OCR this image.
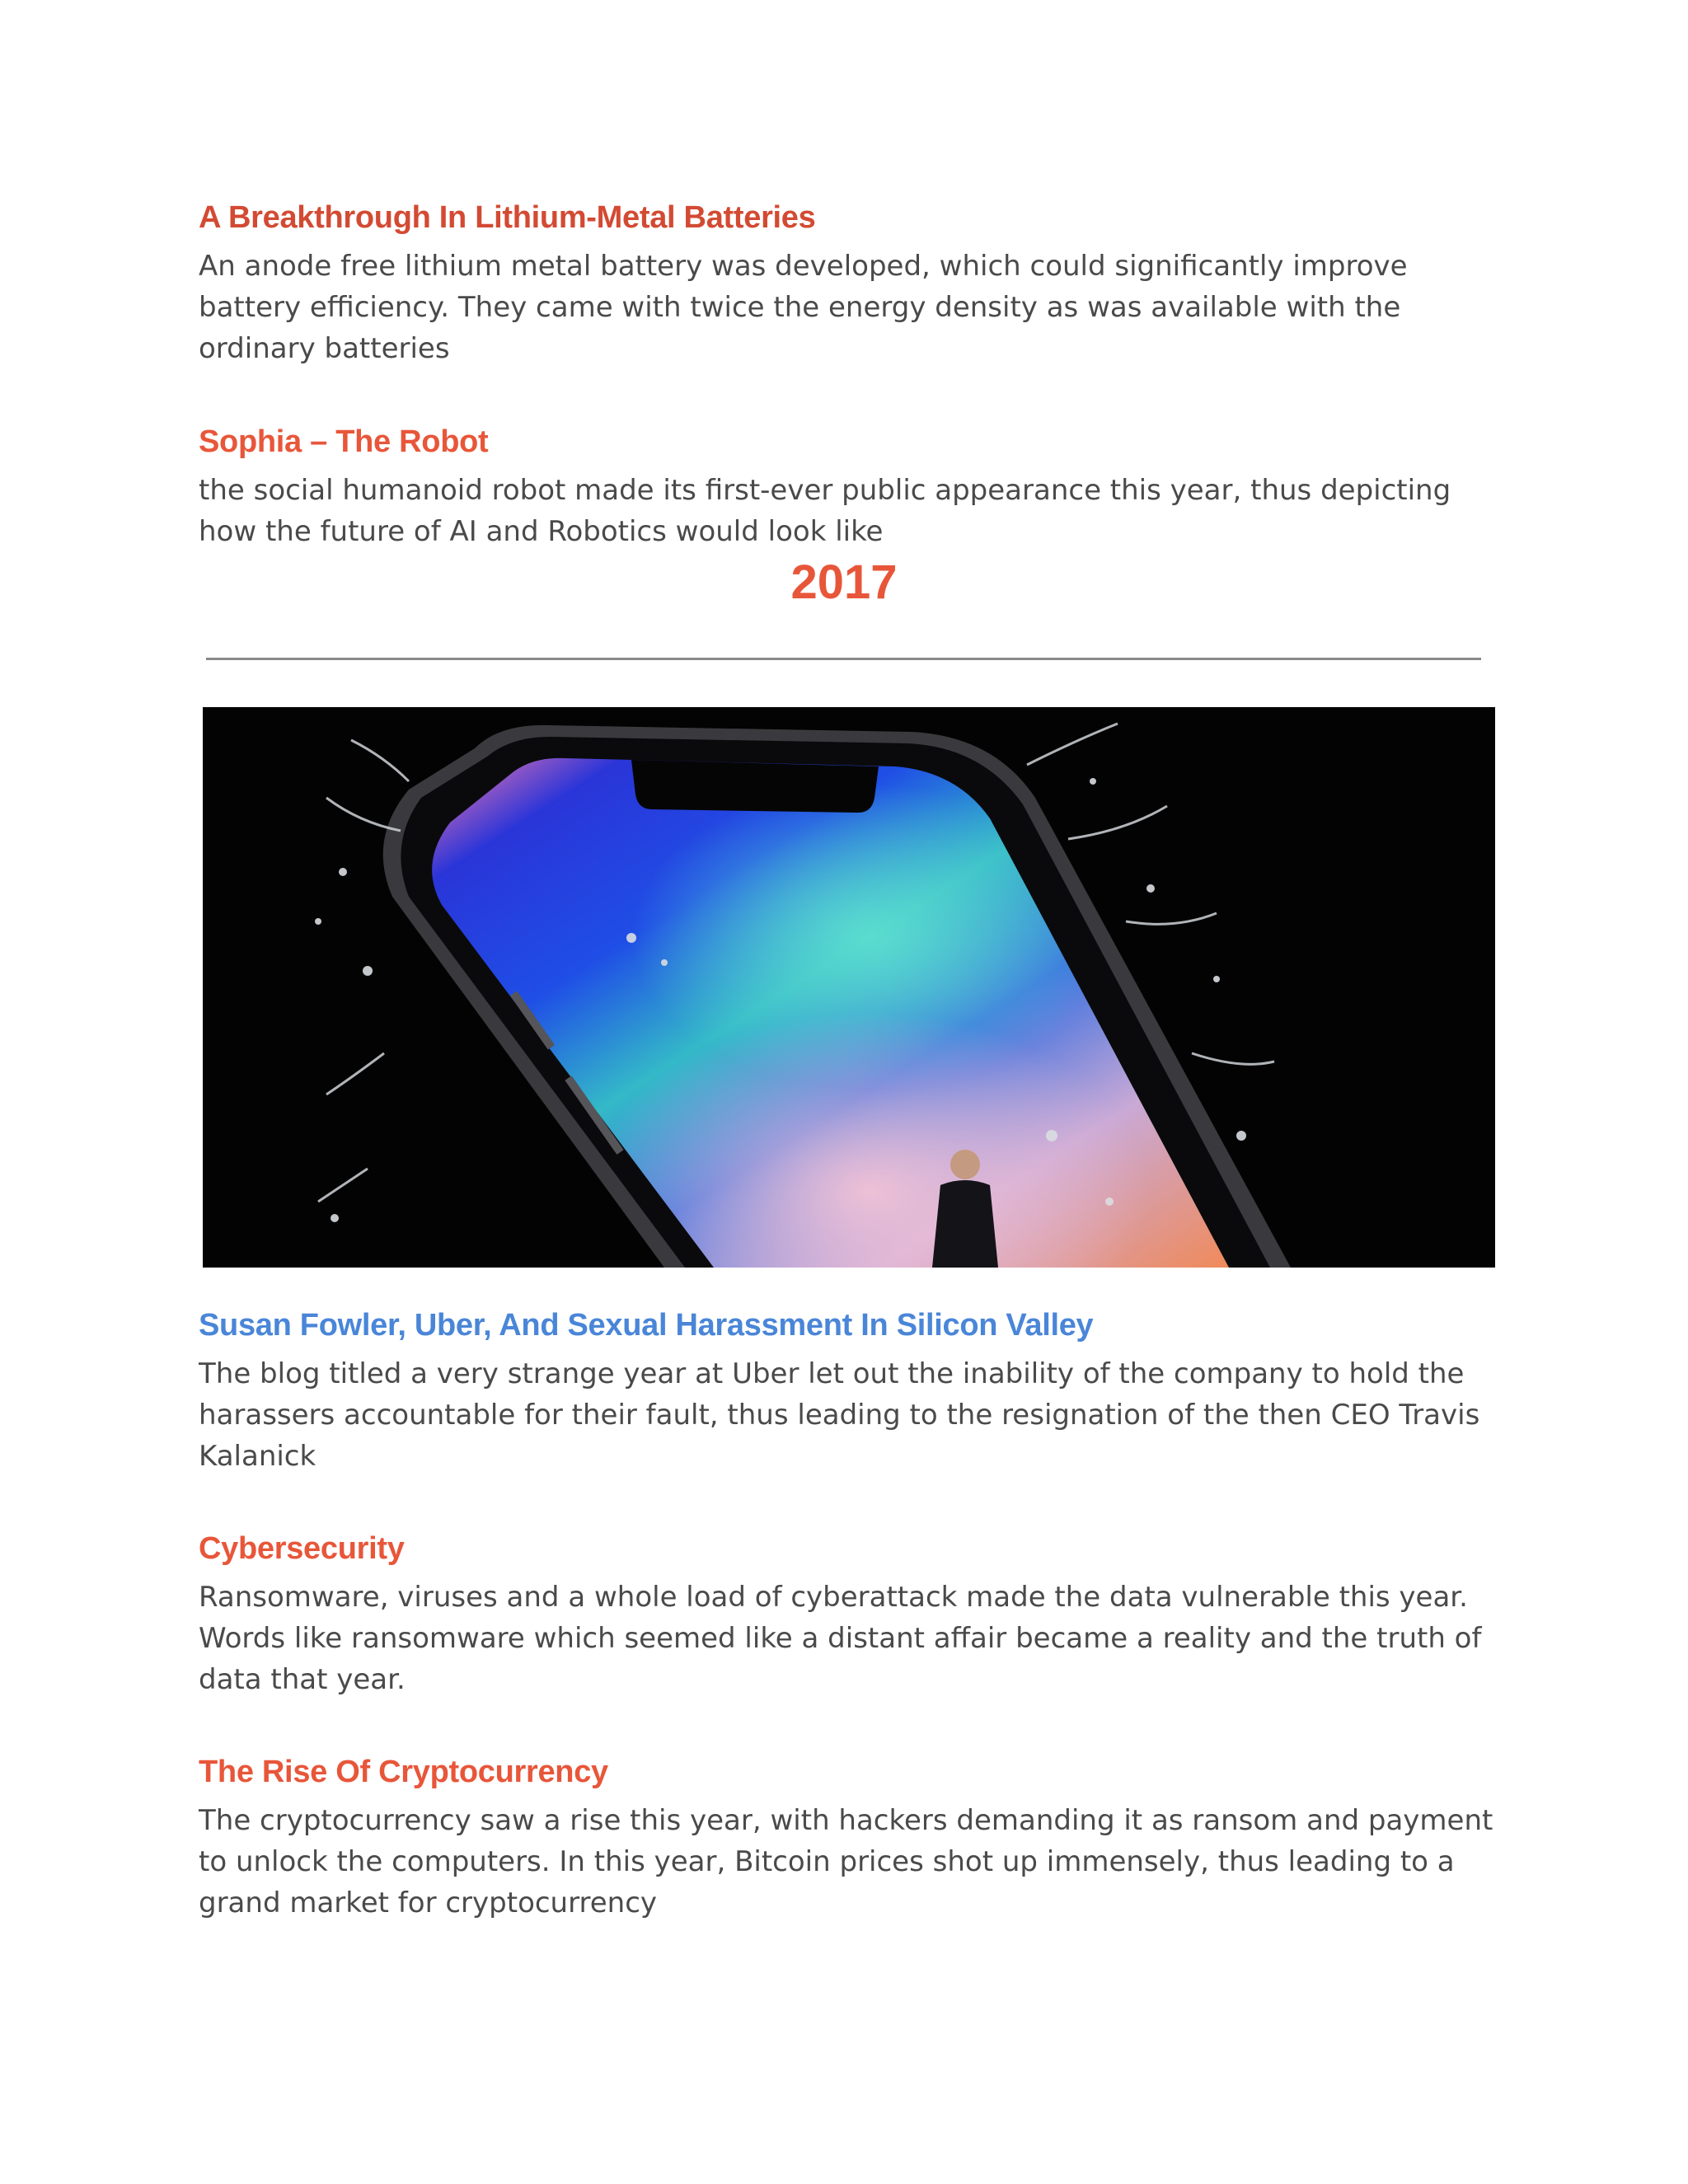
A Breakthrough In Lithium-Metal Batteries

An anode free lithium metal battery was developed, which could significantly improve battery efficiency. They came with twice the energy density as was available with the ordinary batteries

Sophia – The Robot

the social humanoid robot made its first-ever public appearance this year, thus depicting how the future of AI and Robotics would look like

2017
Susan Fowler, Uber, And Sexual Harassment In Silicon Valley

The blog titled a very strange year at Uber let out the inability of the company to hold the harassers accountable for their fault, thus leading to the resignation of the then CEO Travis Kalanick

Cybersecurity

Ransomware, viruses and a whole load of cyberattack made the data vulnerable this year. Words like ransomware which seemed like a distant affair became a reality and the truth of data that year.

The Rise Of Cryptocurrency

The cryptocurrency saw a rise this year, with hackers demanding it as ransom and payment to unlock the computers. In this year, Bitcoin prices shot up immensely, thus leading to a grand market for cryptocurrency
